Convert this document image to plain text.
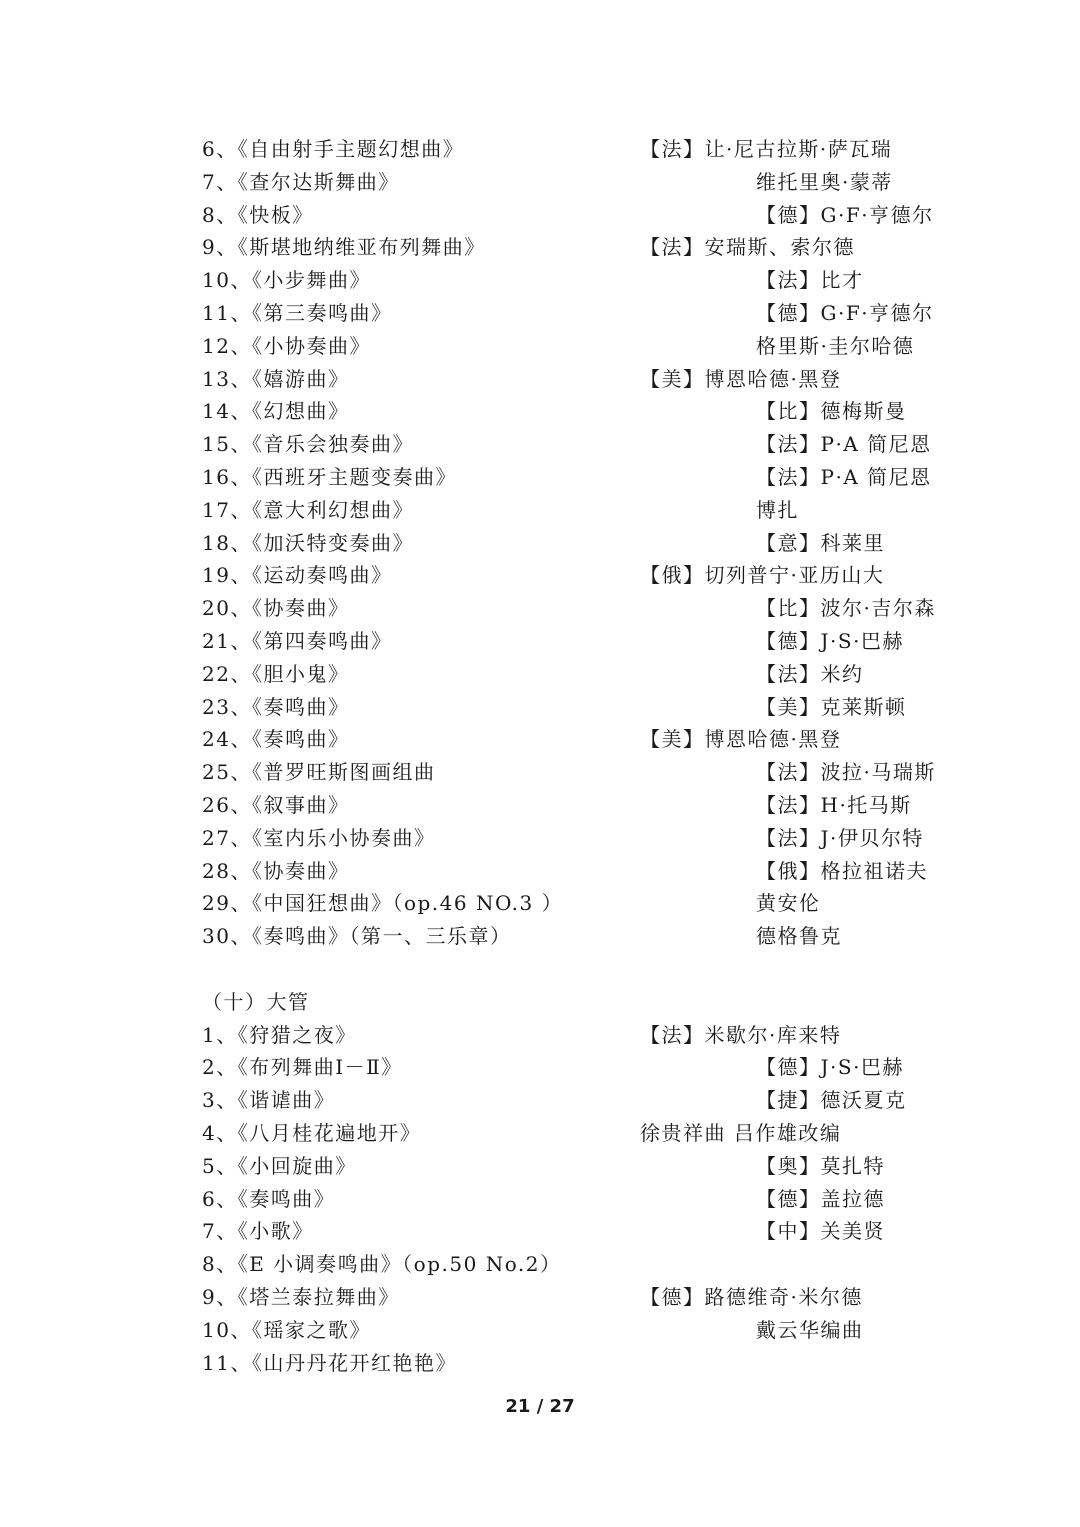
6、《自由射手主题幻想曲》	【法】让·尼古拉斯·萨瓦瑞
7、《查尔达斯舞曲》	维托里奥·蒙蒂
8、《快板》	【德】G·F·亨德尔
9、《斯堪地纳维亚布列舞曲》	【法】安瑞斯、索尔德
10、《小步舞曲》	【法】比才
11、《第三奏鸣曲》	【德】G·F·亨德尔
12、《小协奏曲》	格里斯·圭尔哈德
13、《嬉游曲》	【美】博恩哈德·黑登
14、《幻想曲》	【比】德梅斯曼
15、《音乐会独奏曲》	【法】P·A 简尼恩
16、《西班牙主题变奏曲》	【法】P·A 简尼恩
17、《意大利幻想曲》	博扎
18、《加沃特变奏曲》	【意】科莱里
19、《运动奏鸣曲》	【俄】切列普宁·亚历山大
20、《协奏曲》	【比】波尔·吉尔森
21、《第四奏鸣曲》	【德】J·S·巴赫
22、《胆小鬼》	【法】米约
23、《奏鸣曲》	【美】克莱斯顿
24、《奏鸣曲》	【美】博恩哈德·黑登
25、《普罗旺斯图画组曲	【法】波拉·马瑞斯
26、《叙事曲》	【法】H·托马斯
27、《室内乐小协奏曲》	【法】J·伊贝尔特
28、《协奏曲》	【俄】格拉祖诺夫
29、《中国狂想曲》（op.46 NO.3 ）	黄安伦
30、《奏鸣曲》（第一、三乐章）	德格鲁克
（十）大管
1、《狩猎之夜》	【法】米歇尔·库来特
2、《布列舞曲Ⅰ－Ⅱ》	【德】J·S·巴赫
3、《谐谑曲》	【捷】德沃夏克
4、《八月桂花遍地开》	徐贵祥曲 吕作雄改编
5、《小回旋曲》	【奥】莫扎特
6、《奏鸣曲》	【德】盖拉德
7、《小歌》	【中】关美贤
8、《E 小调奏鸣曲》（op.50 No.2）
9、《塔兰泰拉舞曲》	【德】路德维奇·米尔德
10、《瑶家之歌》	戴云华编曲
11、《山丹丹花开红艳艳》
21 / 27
